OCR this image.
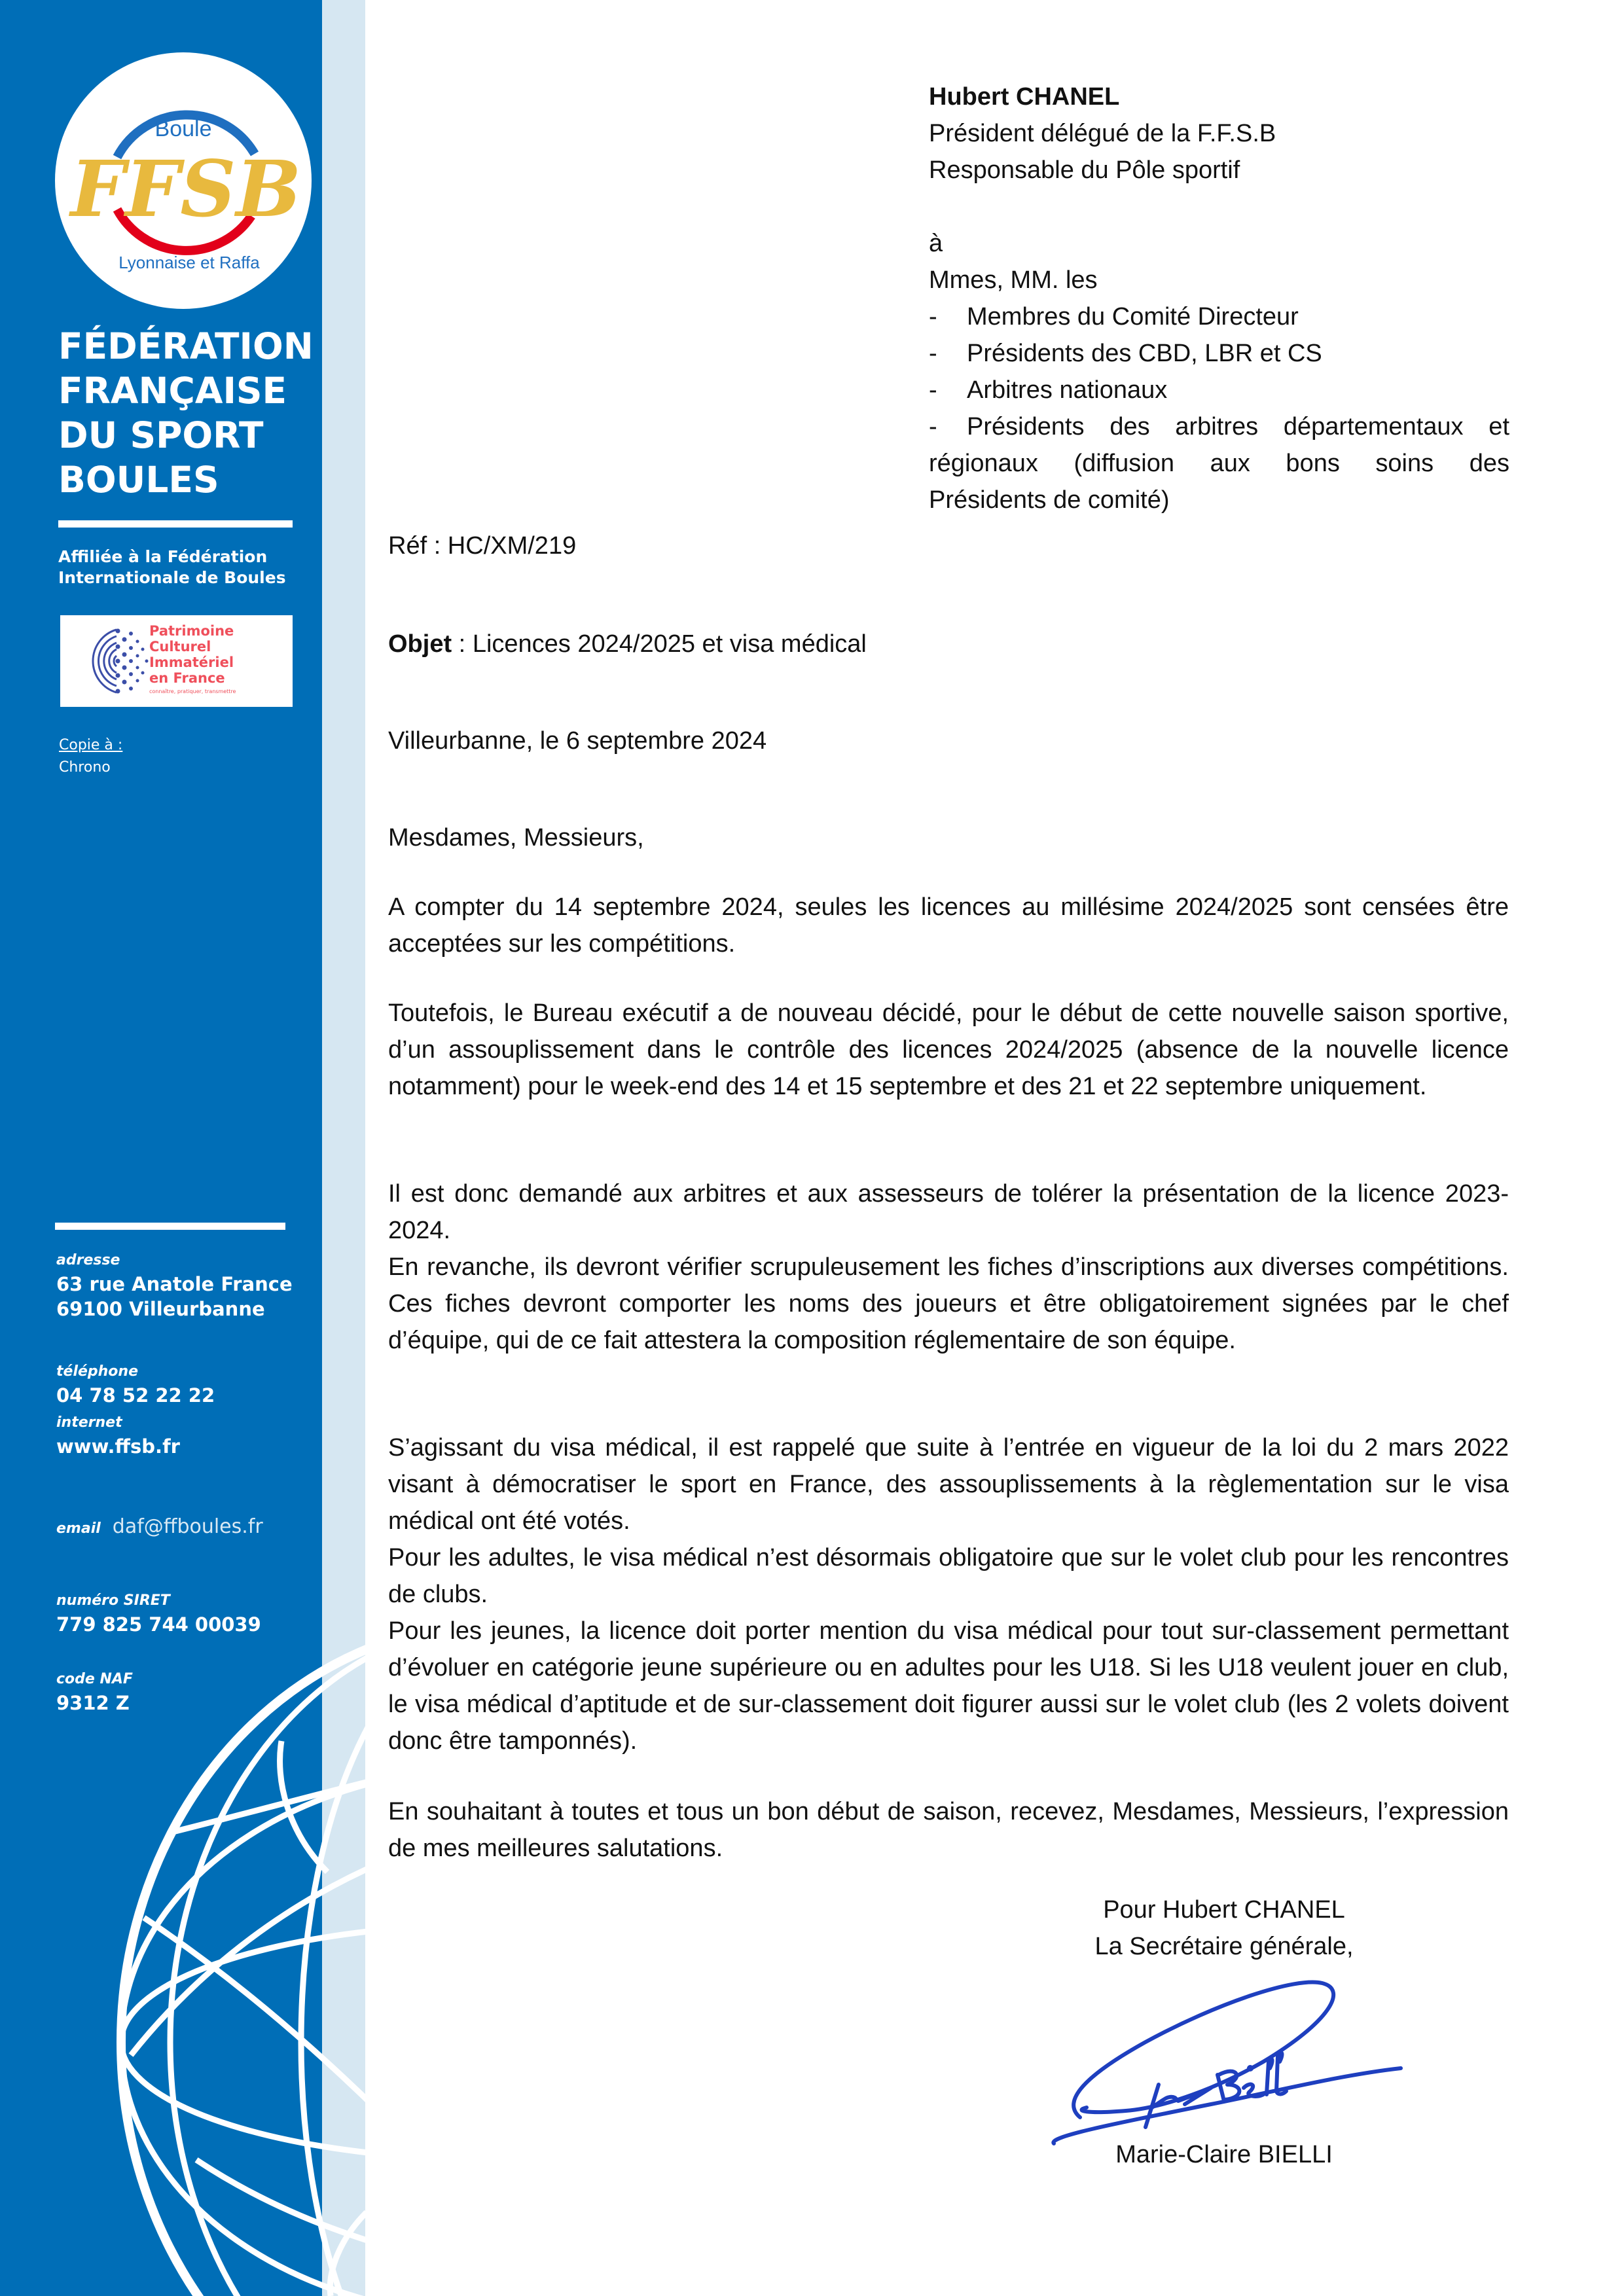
Boule
FFSB
Lyonnaise et Raffa
FÉDÉRATION
FRANÇAISE
DU SPORT
BOULES
Affiliée à la Fédération
Internationale de Boules
Patrimoine
Culturel
Immatériel
en France
connaître, pratiquer, transmettre
Copie à :
Chrono
adresse
63 rue Anatole France
69100 Villeurbanne
téléphone
04 78 52 22 22
internet
www.ffsb.fr
email daf@ffboules.fr
numéro SIRET
779 825 744 00039
code NAF
9312 Z
Hubert CHANEL
Président délégué de la F.F.S.B
Responsable du Pôle sportif

à
Mmes, MM. les
- Membres du Comité Directeur
- Présidents des CBD, LBR et CS
- Arbitres nationaux
-	Présidents des arbitres départementaux et
régionaux (diffusion aux bons soins des
Présidents de comité)
Réf : HC/XM/219
Objet : Licences 2024/2025 et visa médical
Villeurbanne, le 6 septembre 2024
Mesdames, Messieurs,

A compter du 14 septembre 2024, seules les licences au millésime 2024/2025 sont censées être acceptées sur les compétitions.

Toutefois, le Bureau exécutif a de nouveau décidé, pour le début de cette nouvelle saison sportive, d’un assouplissement dans le contrôle des licences 2024/2025 (absence de la nouvelle licence notamment) pour le week-end des 14 et 15 septembre et des 21 et 22 septembre uniquement.

Il est donc demandé aux arbitres et aux assesseurs de tolérer la présentation de la licence 2023-2024.

En revanche, ils devront vérifier scrupuleusement les fiches d’inscriptions aux diverses compétitions. Ces fiches devront comporter les noms des joueurs et être obligatoirement signées par le chef d’équipe, qui de ce fait attestera la composition réglementaire de son équipe.

S’agissant du visa médical, il est rappelé que suite à l’entrée en vigueur de la loi du 2 mars 2022 visant à démocratiser le sport en France, des assouplissements à la règlementation sur le visa médical ont été votés.

Pour les adultes, le visa médical n’est désormais obligatoire que sur le volet club pour les rencontres de clubs.

Pour les jeunes, la licence doit porter mention du visa médical pour tout sur-classement permettant d’évoluer en catégorie jeune supérieure ou en adultes pour les U18. Si les U18 veulent jouer en club, le visa médical d’aptitude et de sur-classement doit figurer aussi sur le volet club (les 2 volets doivent donc être tamponnés).

En souhaitant à toutes et tous un bon début de saison, recevez, Mesdames, Messieurs, l’expression de mes meilleures salutations.

Pour Hubert CHANEL
La Secrétaire générale,
Marie-Claire BIELLI
